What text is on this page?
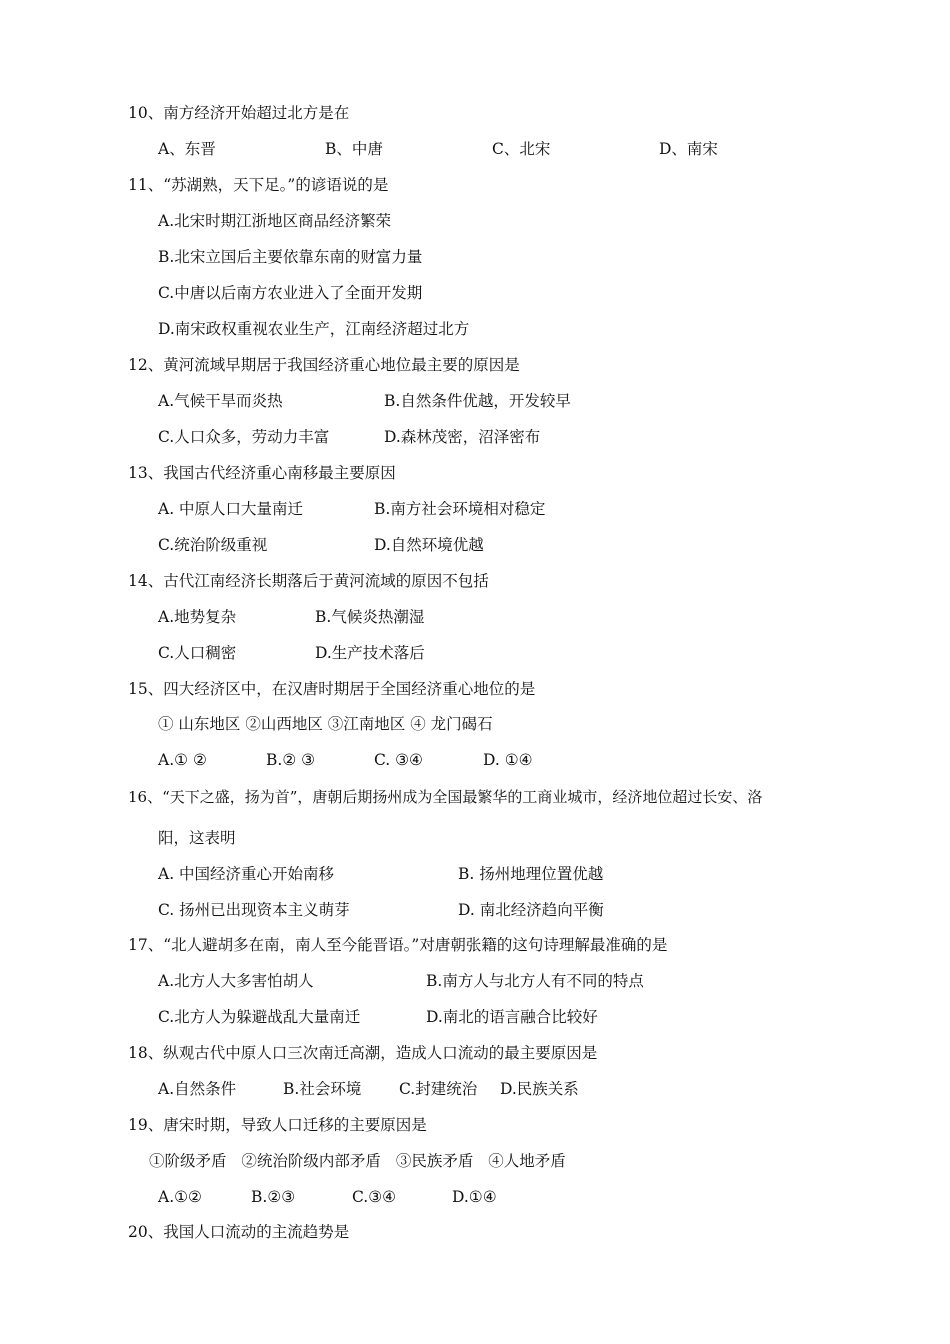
10、南方经济开始超过北方是在
A、东晋	B、中唐	C、北宋	D、南宋
11、“苏湖熟，天下足。”的谚语说的是
A.北宋时期江浙地区商品经济繁荣
B.北宋立国后主要依靠东南的财富力量
C.中唐以后南方农业进入了全面开发期
D.南宋政权重视农业生产，江南经济超过北方
12、黄河流域早期居于我国经济重心地位最主要的原因是
A.气候干旱而炎热	B.自然条件优越，开发较早
C.人口众多，劳动力丰富	D.森林茂密，沼泽密布
13、我国古代经济重心南移最主要原因
A. 中原人口大量南迁	B.南方社会环境相对稳定
C.统治阶级重视	D.自然环境优越
14、古代江南经济长期落后于黄河流域的原因不包括
A.地势复杂	B.气候炎热潮湿
C.人口稠密	D.生产技术落后
15、四大经济区中，在汉唐时期居于全国经济重心地位的是
① 山东地区 ②山西地区 ③江南地区 ④ 龙门碣石
A.① ②	B.② ③	C. ③④	D. ①④
16、“天下之盛，扬为首”，唐朝后期扬州成为全国最繁华的工商业城市，经济地位超过长安、洛
阳，这表明
A. 中国经济重心开始南移	B. 扬州地理位置优越
C. 扬州已出现资本主义萌芽	D. 南北经济趋向平衡
17、“北人避胡多在南，南人至今能晋语。”对唐朝张籍的这句诗理解最准确的是
A.北方人大多害怕胡人	B.南方人与北方人有不同的特点
C.北方人为躲避战乱大量南迁	D.南北的语言融合比较好
18、纵观古代中原人口三次南迁高潮，造成人口流动的最主要原因是
A.自然条件	B.社会环境 C.封建统治 D.民族关系
19、唐宋时期，导致人口迁移的主要原因是
①阶级矛盾 ②统治阶级内部矛盾 ③民族矛盾 ④人地矛盾
A.①②	B.②③	C.③④	D.①④
20、我国人口流动的主流趋势是
